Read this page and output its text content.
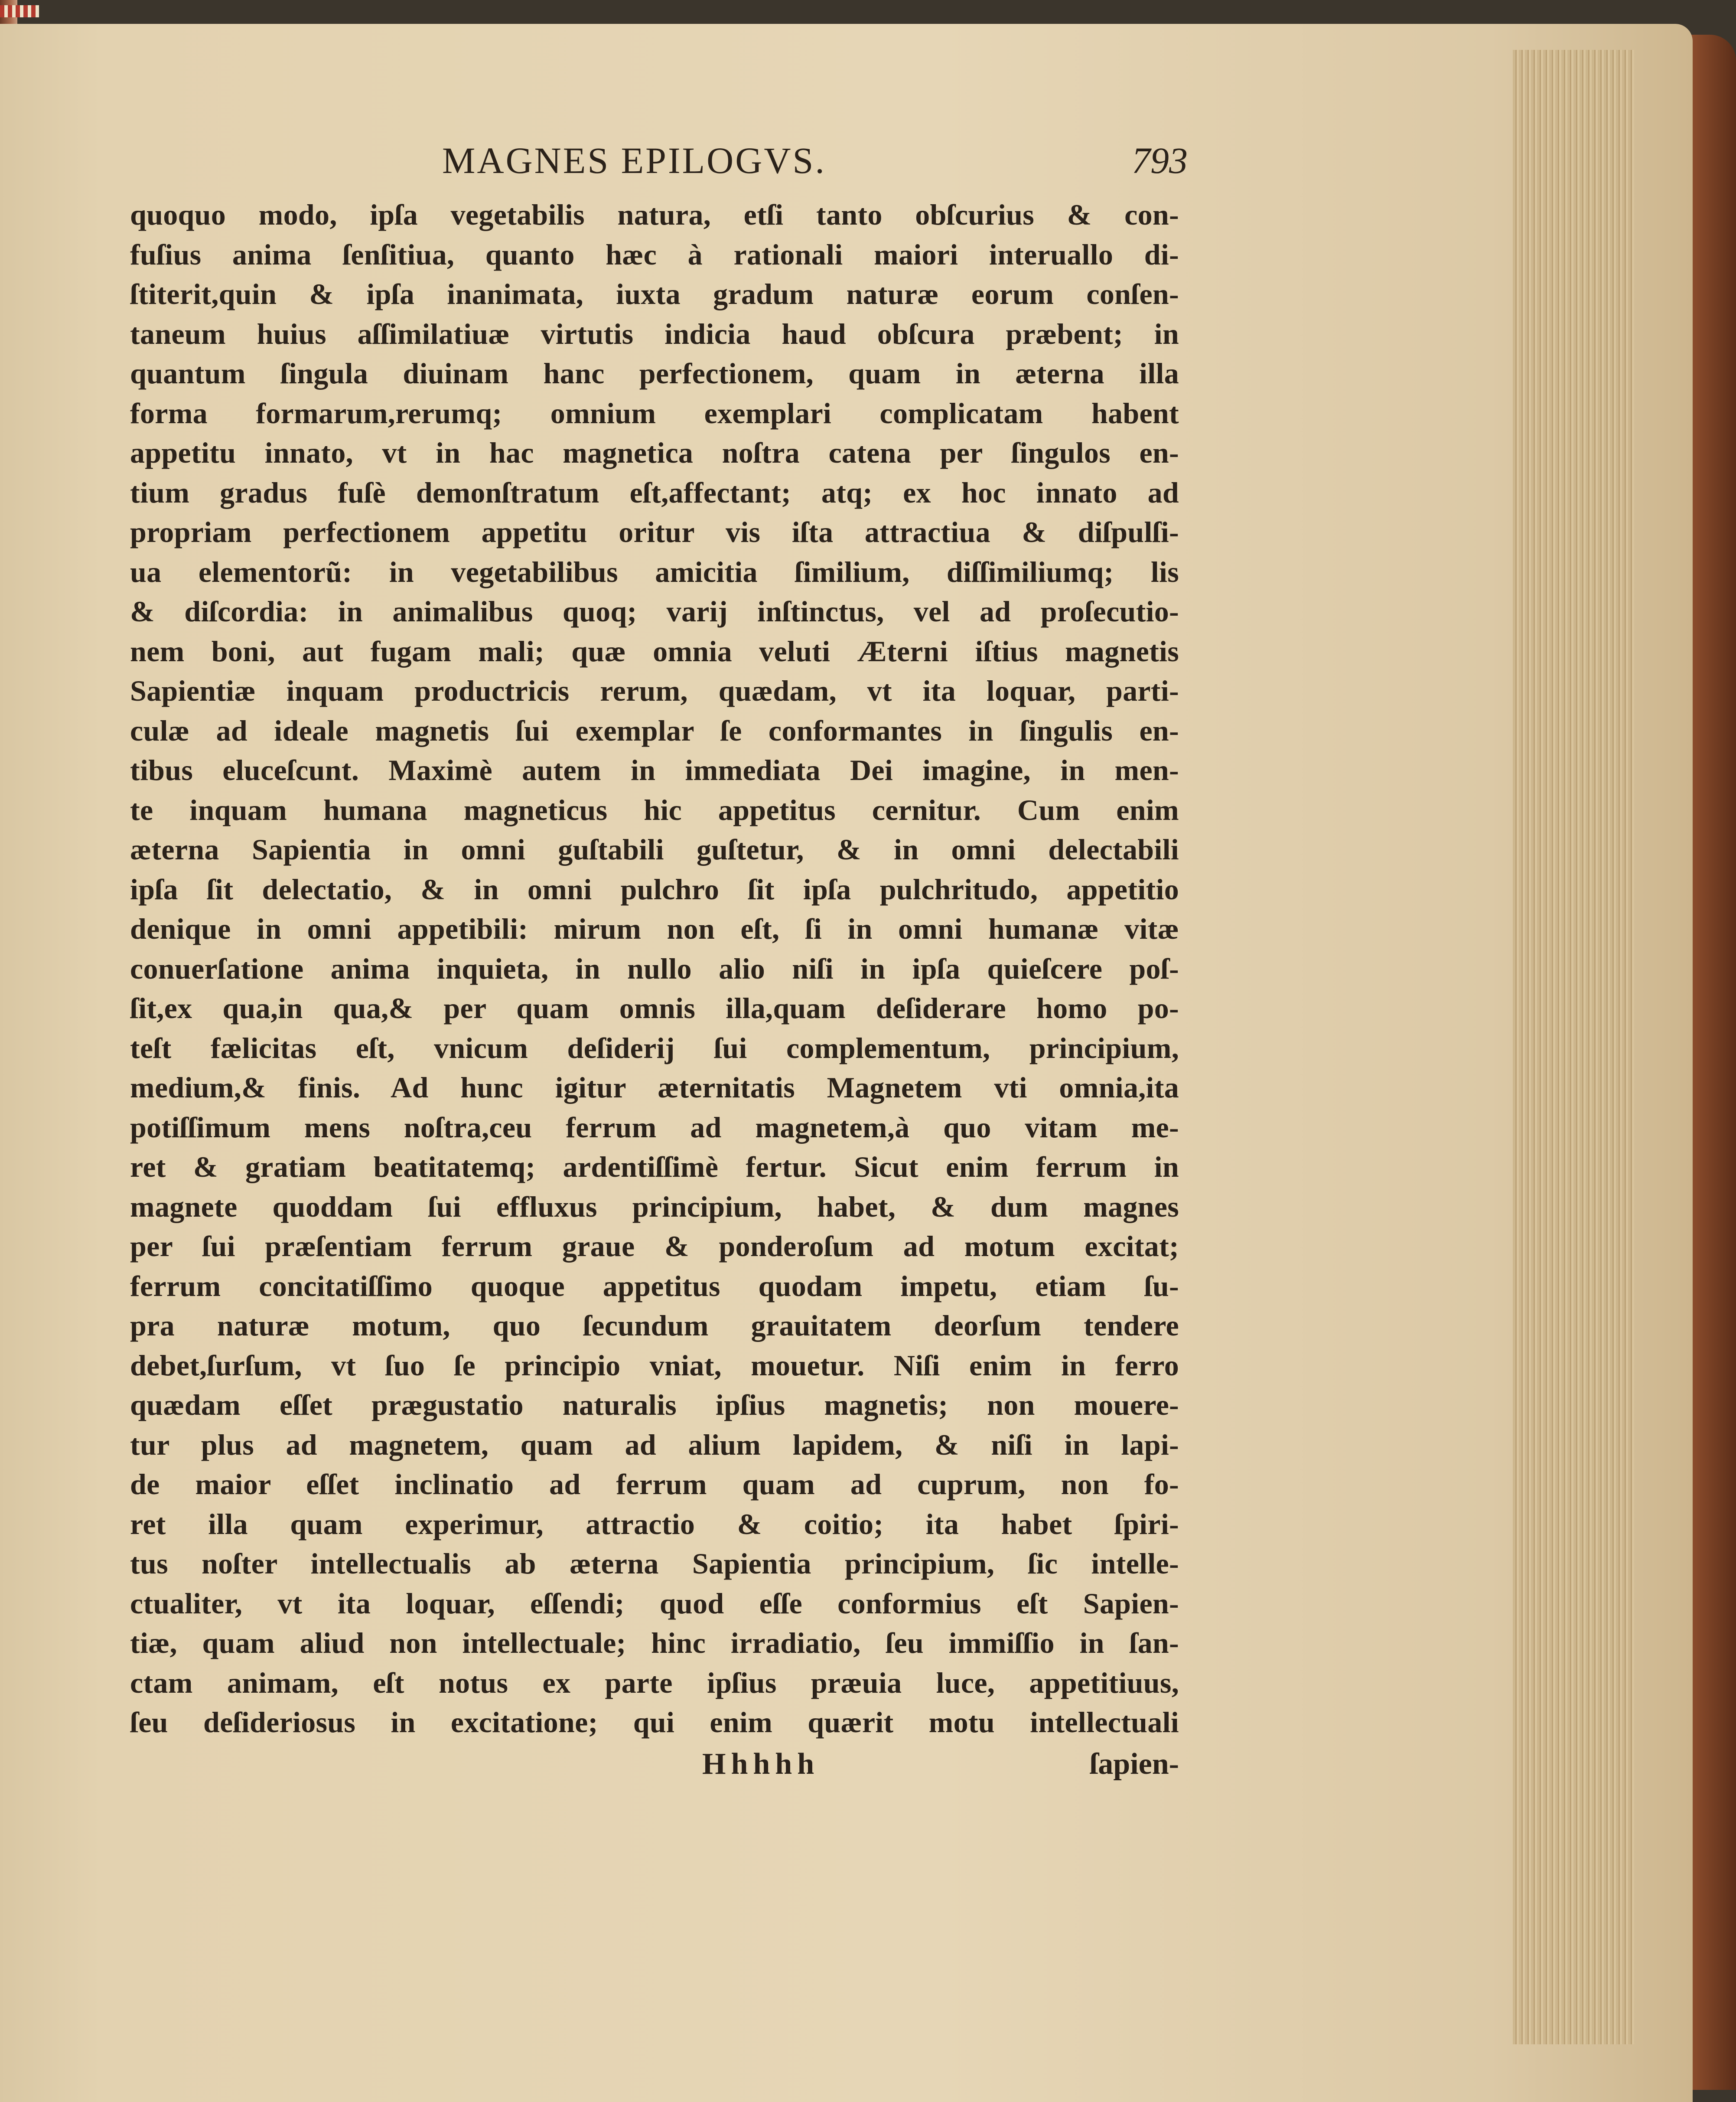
MAGNES EPILOGVS.	793
quoquo modo, ipſa vegetabilis natura, etſi tanto obſcurius & con-
fuſius anima ſenſitiua, quanto hæc à rationali maiori interuallo di-
ſtiterit,quin & ipſa inanimata, iuxta gradum naturæ eorum conſen-
taneum huius aſſimilatiuæ virtutis indicia haud obſcura præbent; in
quantum ſingula diuinam hanc perfectionem, quam in æterna illa
forma formarum,rerumq; omnium exemplari complicatam habent
appetitu innato, vt in hac magnetica noſtra catena per ſingulos en-
tium gradus fuſè demonſtratum eſt,affectant; atq; ex hoc innato ad
propriam perfectionem appetitu oritur vis iſta attractiua & diſpulſi-
ua elementorũ: in vegetabilibus amicitia ſimilium, diſſimiliumq; lis
& diſcordia: in animalibus quoq; varij inſtinctus, vel ad proſecutio-
nem boni, aut fugam mali; quæ omnia veluti Æterni iſtius magnetis
Sapientiæ inquam productricis rerum, quædam, vt ita loquar, parti-
culæ ad ideale magnetis ſui exemplar ſe conformantes in ſingulis en-
tibus eluceſcunt. Maximè autem in immediata Dei imagine, in men-
te inquam humana magneticus hic appetitus cernitur. Cum enim
æterna Sapientia in omni guſtabili guſtetur, & in omni delectabili
ipſa ſit delectatio, & in omni pulchro ſit ipſa pulchritudo, appetitio
denique in omni appetibili: mirum non eſt, ſi in omni humanæ vitæ
conuerſatione anima inquieta, in nullo alio niſi in ipſa quieſcere poſ-
ſit,ex qua,in qua,& per quam omnis illa,quam deſiderare homo po-
teſt fælicitas eſt, vnicum deſiderij ſui complementum, principium,
medium,& finis. Ad hunc igitur æternitatis Magnetem vti omnia,ita
potiſſimum mens noſtra,ceu ferrum ad magnetem,à quo vitam me-
ret & gratiam beatitatemq; ardentiſſimè fertur. Sicut enim ferrum in
magnete quoddam ſui effluxus principium, habet, & dum magnes
per ſui præſentiam ferrum graue & ponderoſum ad motum excitat;
ferrum concitatiſſimo quoque appetitus quodam impetu, etiam ſu-
pra naturæ motum, quo ſecundum grauitatem deorſum tendere
debet,ſurſum, vt ſuo ſe principio vniat, mouetur. Niſi enim in ferro
quædam eſſet prægustatio naturalis ipſius magnetis; non mouere-
tur plus ad magnetem, quam ad alium lapidem, & niſi in lapi-
de maior eſſet inclinatio ad ferrum quam ad cuprum, non fo-
ret illa quam experimur, attractio & coitio; ita habet ſpiri-
tus noſter intellectualis ab æterna Sapientia principium, ſic intelle-
ctualiter, vt ita loquar, eſſendi; quod eſſe conformius eſt Sapien-
tiæ, quam aliud non intellectuale; hinc irradiatio, ſeu immiſſio in ſan-
ctam animam, eſt notus ex parte ipſius præuia luce, appetitiuus,
ſeu deſideriosus in excitatione; qui enim quærit motu intellectuali
Hhhhh	ſapien-
